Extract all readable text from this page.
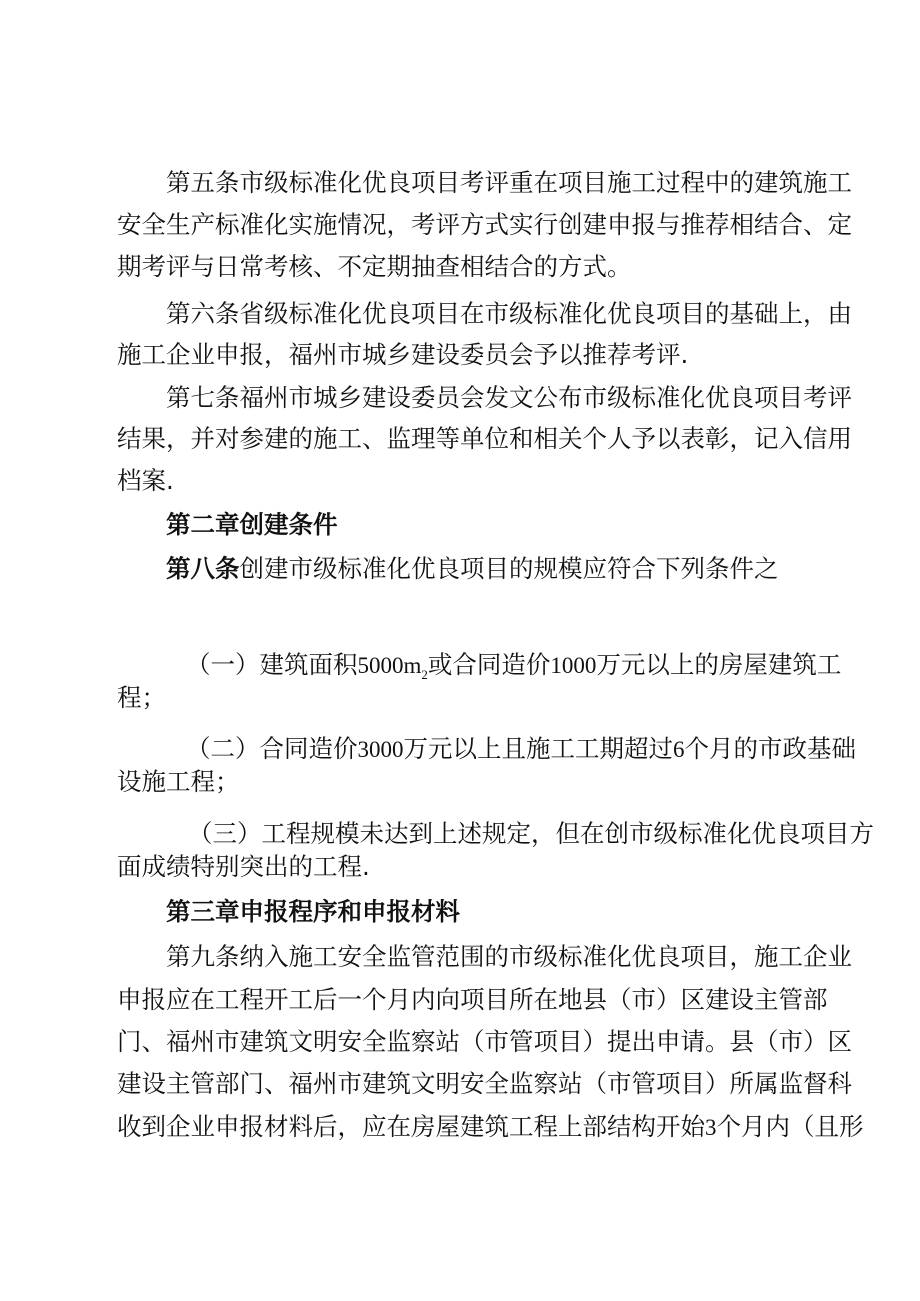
第五条市级标准化优良项目考评重在项目施工过程中的建筑施工
安全生产标准化实施情况，考评方式实行创建申报与推荐相结合、定
期考评与日常考核、不定期抽查相结合的方式。
第六条省级标准化优良项目在市级标准化优良项目的基础上，由
施工企业申报，福州市城乡建设委员会予以推荐考评.
第七条福州市城乡建设委员会发文公布市级标准化优良项目考评
结果，并对参建的施工、监理等单位和相关个人予以表彰，记入信用
档案.
第二章创建条件
第八条创建市级标准化优良项目的规模应符合下列条件之
（一）建筑面积$5000m_2$或合同造价1000万元以上的房屋建筑工
程；
（二）合同造价3000万元以上且施工工期超过6个月的市政基础
设施工程；
（三）工程规模未达到上述规定，但在创市级标准化优良项目方
面成绩特别突出的工程.
第三章申报程序和申报材料
第九条纳入施工安全监管范围的市级标准化优良项目，施工企业
申报应在工程开工后一个月内向项目所在地县（市）区建设主管部
门、福州市建筑文明安全监察站（市管项目）提出申请。县（市）区
建设主管部门、福州市建筑文明安全监察站（市管项目）所属监督科
收到企业申报材料后，应在房屋建筑工程上部结构开始3个月内（且形
